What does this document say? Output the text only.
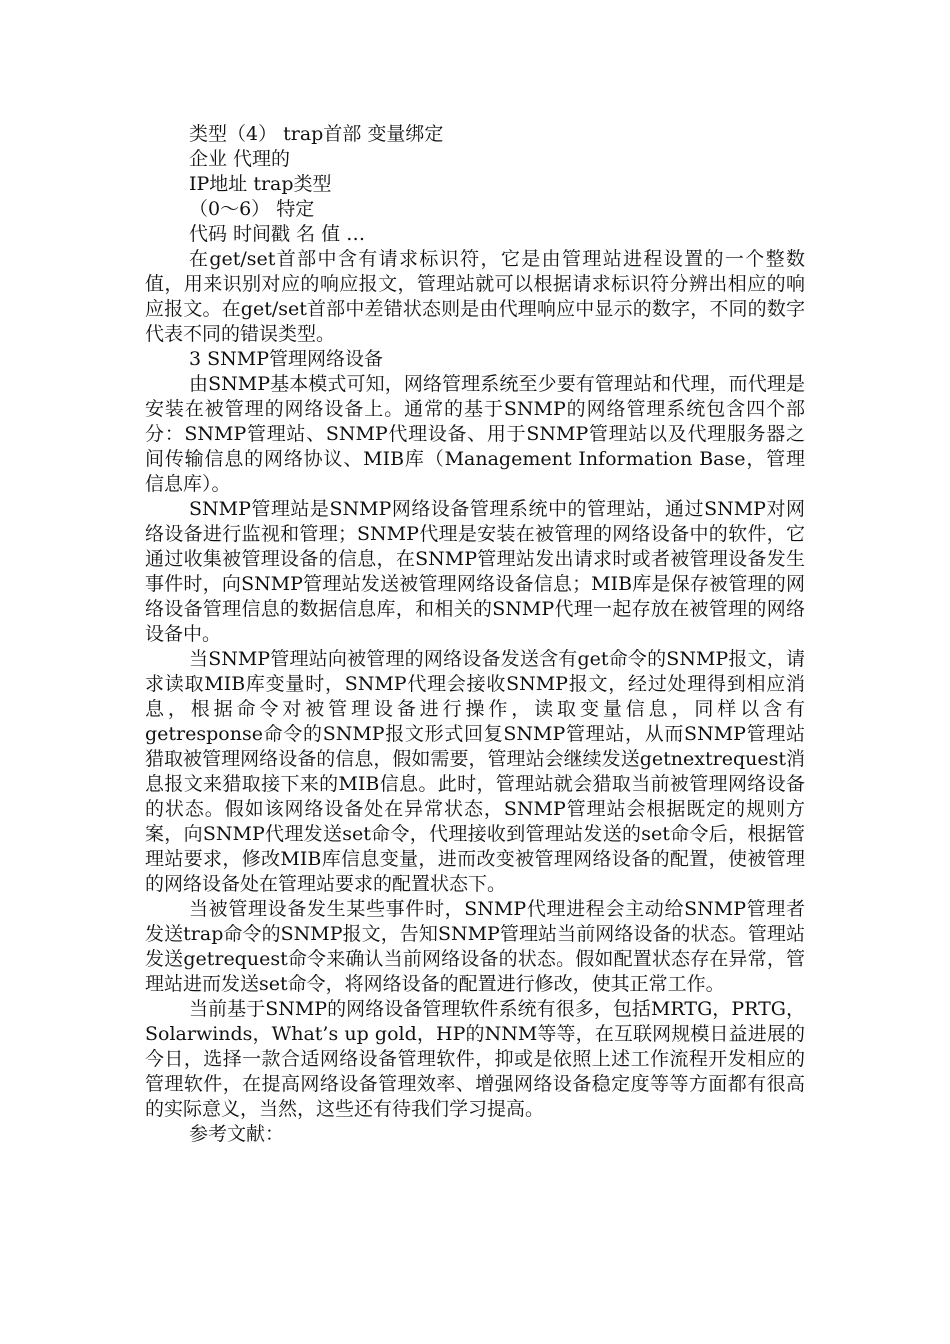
类型（4） trap首部 变量绑定
企业 代理的
IP地址 trap类型
（0～6） 特定
代码 时间戳 名 值 …

在get/set首部中含有请求标识符，它是由管理站进程设置的一个整数值，用来识别对应的响应报文，管理站就可以根据请求标识符分辨出相应的响应报文。在get/set首部中差错状态则是由代理响应中显示的数字，不同的数字代表不同的错误类型。

3 SNMP管理网络设备

由SNMP基本模式可知，网络管理系统至少要有管理站和代理，而代理是安装在被管理的网络设备上。通常的基于SNMP的网络管理系统包含四个部分：SNMP管理站、SNMP代理设备、用于SNMP管理站以及代理服务器之间传输信息的网络协议、MIB库（Management Information Base，管理信息库）。

SNMP管理站是SNMP网络设备管理系统中的管理站，通过SNMP对网络设备进行监视和管理；SNMP代理是安装在被管理的网络设备中的软件，它通过收集被管理设备的信息，在SNMP管理站发出请求时或者被管理设备发生事件时，向SNMP管理站发送被管理网络设备信息；MIB库是保存被管理的网络设备管理信息的数据信息库，和相关的SNMP代理一起存放在被管理的网络设备中。

当SNMP管理站向被管理的网络设备发送含有get命令的SNMP报文，请求读取MIB库变量时，SNMP代理会接收SNMP报文，经过处理得到相应消息，根据命令对被管理设备进行操作，读取变量信息，同样以含有getresponse命令的SNMP报文形式回复SNMP管理站，从而SNMP管理站猎取被管理网络设备的信息，假如需要，管理站会继续发送getnextrequest消息报文来猎取接下来的MIB信息。此时，管理站就会猎取当前被管理网络设备的状态。假如该网络设备处在异常状态，SNMP管理站会根据既定的规则方案，向SNMP代理发送set命令，代理接收到管理站发送的set命令后，根据管理站要求，修改MIB库信息变量，进而改变被管理网络设备的配置，使被管理的网络设备处在管理站要求的配置状态下。

当被管理设备发生某些事件时，SNMP代理进程会主动给SNMP管理者发送trap命令的SNMP报文，告知SNMP管理站当前网络设备的状态。管理站发送getrequest命令来确认当前网络设备的状态。假如配置状态存在异常，管理站进而发送set命令，将网络设备的配置进行修改，使其正常工作。

当前基于SNMP的网络设备管理软件系统有很多，包括MRTG，PRTG，Solarwinds，What’s up gold，HP的NNM等等，在互联网规模日益进展的今日，选择一款合适网络设备管理软件，抑或是依照上述工作流程开发相应的管理软件，在提高网络设备管理效率、增强网络设备稳定度等等方面都有很高的实际意义，当然，这些还有待我们学习提高。

参考文献：
